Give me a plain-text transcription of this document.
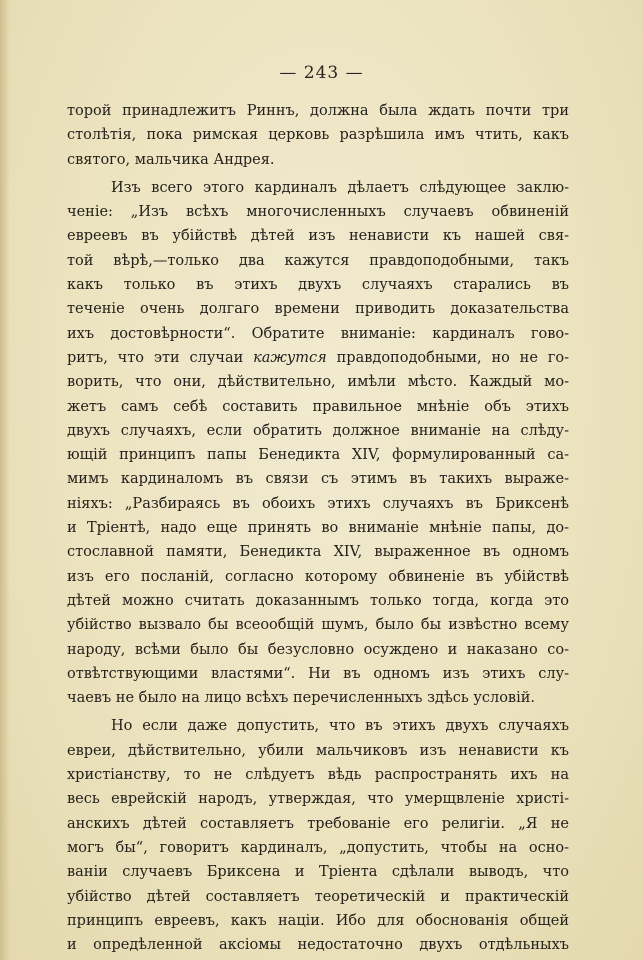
— 243 —
торой принадлежитъ Риннъ, должна была ждать почти три
столѣтія, пока римская церковь разрѣшила имъ чтить, какъ
святого, мальчика Андрея.
Изъ всего этого кардиналъ дѣлаетъ слѣдующее заклю-
ченіе: „Изъ всѣхъ многочисленныхъ случаевъ обвиненій
евреевъ въ убійствѣ дѣтей изъ ненависти къ нашей свя-
той вѣрѣ,—только два кажутся правдоподобными, такъ
какъ только въ этихъ двухъ случаяхъ старались въ
теченіе очень долгаго времени приводить доказательства
ихъ достовѣрности“. Обратите вниманіе: кардиналъ гово-
ритъ, что эти случаи кажутся правдоподобными, но не го-
ворить, что они, дѣйствительно, имѣли мѣсто. Каждый мо-
жетъ самъ себѣ составить правильное мнѣніе объ этихъ
двухъ случаяхъ, если обратить должное вниманіе на слѣду-
ющій принципъ папы Бенедикта XIV, формулированный са-
мимъ кардиналомъ въ связи съ этимъ въ такихъ выраже-
ніяхъ: „Разбираясь въ обоихъ этихъ случаяхъ въ Бриксенѣ
и Тріентѣ, надо еще принять во вниманіе мнѣніе папы, до-
стославной памяти, Бенедикта XIV, выраженное въ одномъ
изъ его посланій, согласно которому обвиненіе въ убійствѣ
дѣтей можно считать доказаннымъ только тогда, когда это
убійство вызвало бы всеообщій шумъ, было бы извѣстно всему
народу, всѣми было бы безусловно осуждено и наказано со-
отвѣтствующими властями“. Ни въ одномъ изъ этихъ слу-
чаевъ не было на лицо всѣхъ перечисленныхъ здѣсь условій.
Но если даже допустить, что въ этихъ двухъ случаяхъ
евреи, дѣйствительно, убили мальчиковъ изъ ненависти къ
христіанству, то не слѣдуетъ вѣдь распространять ихъ на
весь еврейскій народъ, утверждая, что умерщвленіе христі-
анскихъ дѣтей составляетъ требованіе его религіи. „Я не
могъ бы“, говоритъ кардиналъ, „допустить, чтобы на осно-
ваніи случаевъ Бриксена и Тріента сдѣлали выводъ, что
убійство дѣтей составляетъ теоретическій и практическій
принципъ евреевъ, какъ націи. Ибо для обоснованія общей
и опредѣленной аксіомы недостаточно двухъ отдѣльныхъ
